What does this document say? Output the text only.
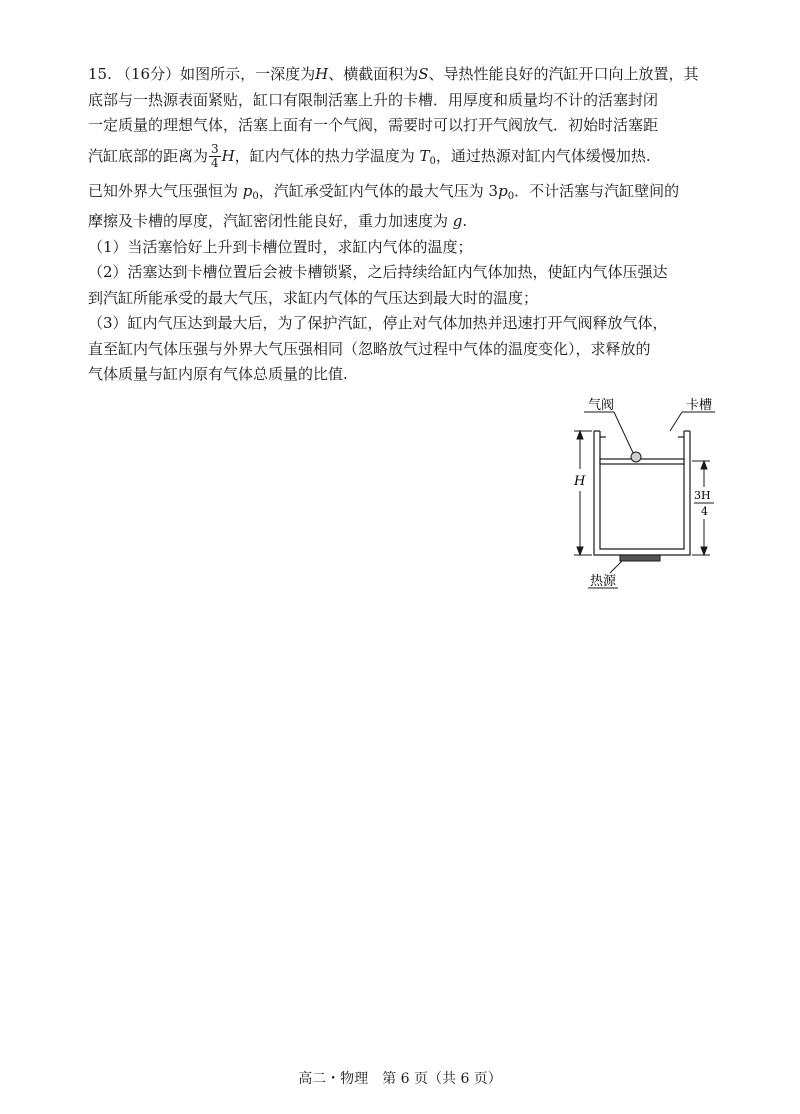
15. （16分）如图所示，一深度为H、横截面积为S、导热性能良好的汽缸开口向上放置，其
底部与一热源表面紧贴，缸口有限制活塞上升的卡槽．用厚度和质量均不计的活塞封闭
一定质量的理想气体，活塞上面有一个气阀，需要时可以打开气阀放气．初始时活塞距
汽缸底部的距离为 $\frac{3}{4}$ H，缸内气体的热力学温度为 $T_0$，通过热源对缸内气体缓慢加热.
已知外界大气压强恒为 $p_0$，汽缸承受缸内气体的最大气压为 $3p_0$．不计活塞与汽缸壁间的
摩擦及卡槽的厚度，汽缸密闭性能良好，重力加速度为 g.

（1）当活塞恰好上升到卡槽位置时，求缸内气体的温度；

（2）活塞达到卡槽位置后会被卡槽锁紧，之后持续给缸内气体加热，使缸内气体压强达
到汽缸所能承受的最大气压，求缸内气体的气压达到最大时的温度；

（3）缸内气压达到最大后，为了保护汽缸，停止对气体加热并迅速打开气阀释放气体，
直至缸内气体压强与外界大气压强相同（忽略放气过程中气体的温度变化），求释放的
气体质量与缸内原有气体总质量的比值.

气阀	卡槽
热源
H
3H
4
高二・物理　第 6 页（共 6 页）
